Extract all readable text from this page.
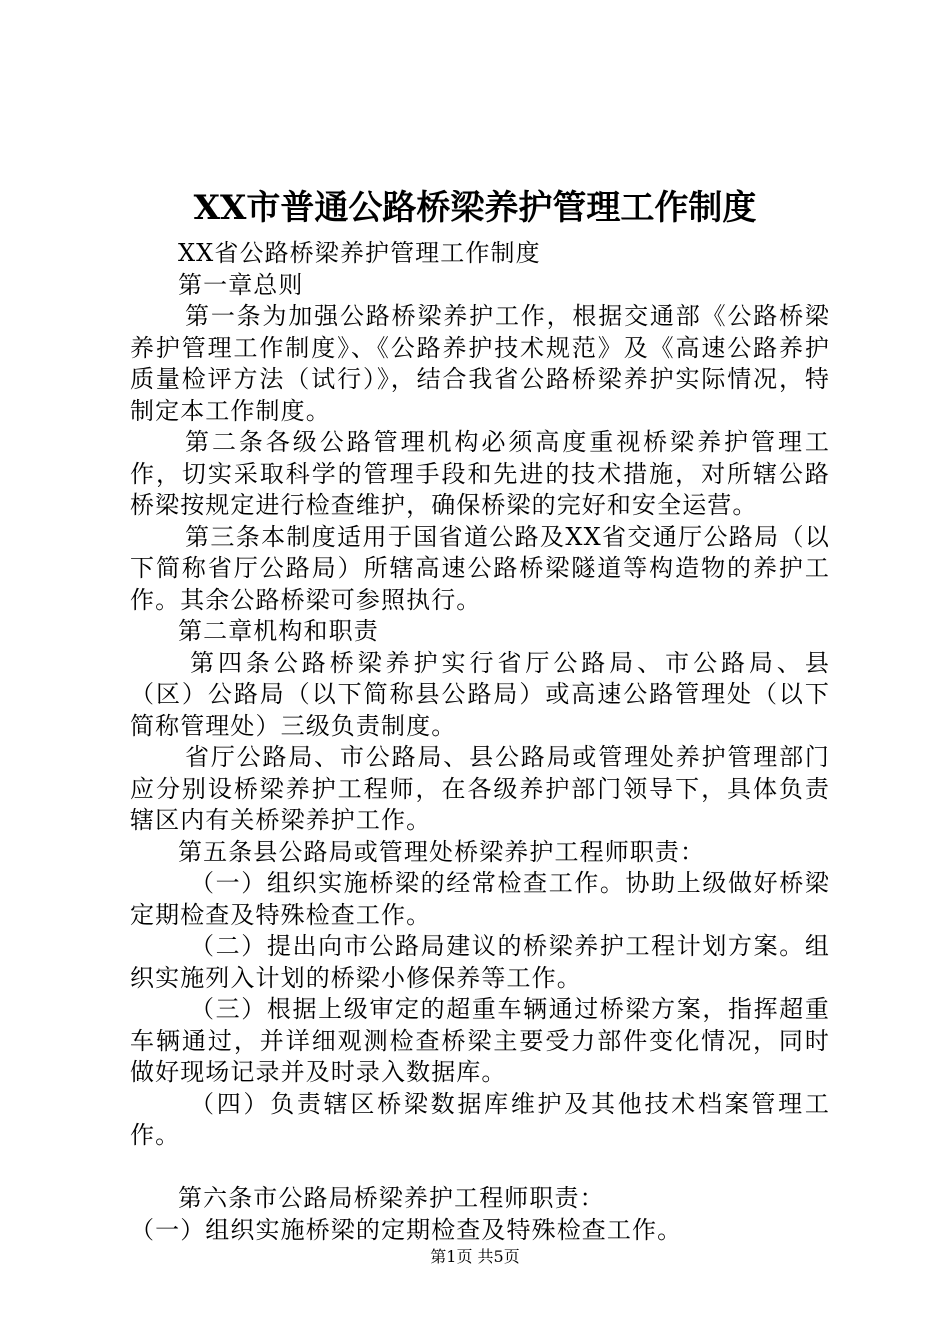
XX市普通公路桥梁养护管理工作制度

XX省公路桥梁养护管理工作制度

第一章总则

第一条为加强公路桥梁养护工作，根据交通部《公路桥梁养护管理工作制度》、《公路养护技术规范》及《高速公路养护质量检评方法（试行）》，结合我省公路桥梁养护实际情况，特制定本工作制度。

第二条各级公路管理机构必须高度重视桥梁养护管理工作，切实采取科学的管理手段和先进的技术措施，对所辖公路桥梁按规定进行检查维护，确保桥梁的完好和安全运营。

第三条本制度适用于国省道公路及XX省交通厅公路局（以下简称省厅公路局）所辖高速公路桥梁隧道等构造物的养护工作。其余公路桥梁可参照执行。

第二章机构和职责

第四条公路桥梁养护实行省厅公路局、市公路局、县（区）公路局（以下简称县公路局）或高速公路管理处（以下简称管理处）三级负责制度。

省厅公路局、市公路局、县公路局或管理处养护管理部门应分别设桥梁养护工程师，在各级养护部门领导下，具体负责辖区内有关桥梁养护工作。

第五条县公路局或管理处桥梁养护工程师职责：

（一）组织实施桥梁的经常检查工作。协助上级做好桥梁定期检查及特殊检查工作。

（二）提出向市公路局建议的桥梁养护工程计划方案。组织实施列入计划的桥梁小修保养等工作。

（三）根据上级审定的超重车辆通过桥梁方案，指挥超重车辆通过，并详细观测检查桥梁主要受力部件变化情况，同时做好现场记录并及时录入数据库。

（四）负责辖区桥梁数据库维护及其他技术档案管理工作。

第六条市公路局桥梁养护工程师职责：

（一）组织实施桥梁的定期检查及特殊检查工作。

第1页 共5页
